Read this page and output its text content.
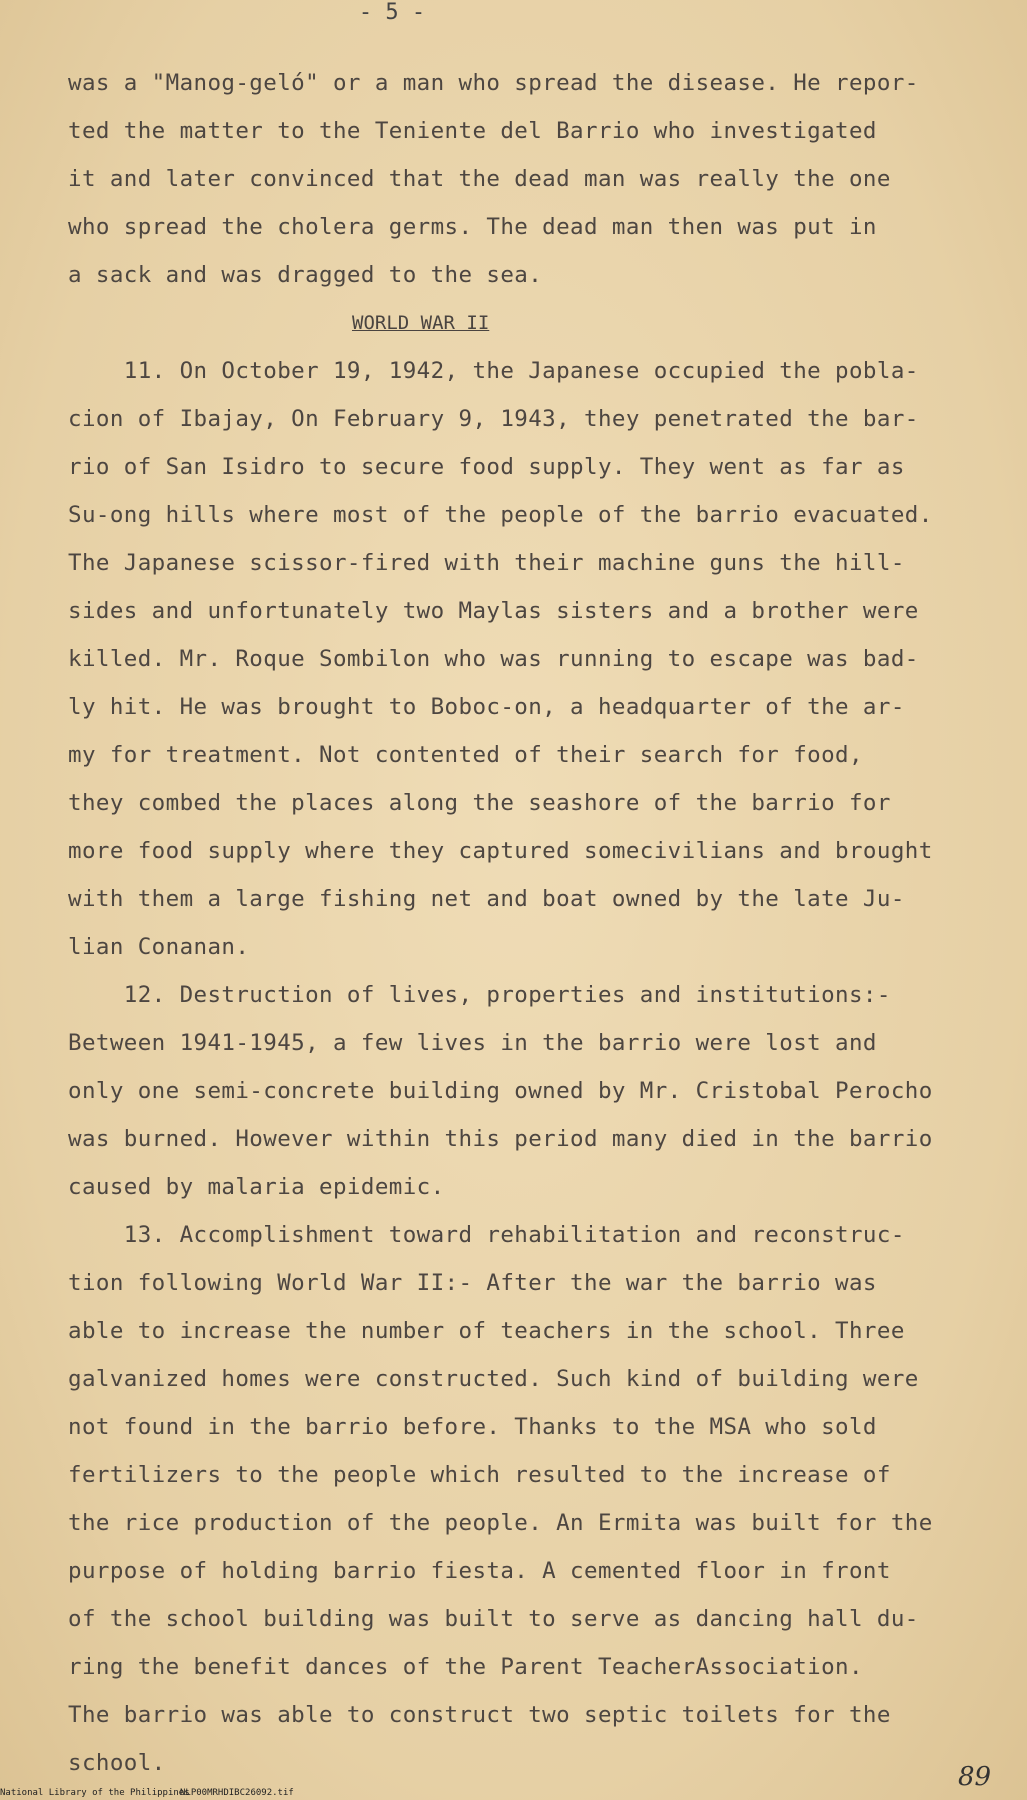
- 5 -
was a "Manog-geló" or a man who spread the disease. He repor-
ted the matter to the Teniente del Barrio who investigated
it and later convinced that the dead man was really the one
who spread the cholera germs. The dead man then was put in
a sack and was dragged to the sea.
WORLD WAR II
11. On October 19, 1942, the Japanese occupied the pobla-
cion of Ibajay, On February 9, 1943, they penetrated the bar-
rio of San Isidro to secure food supply. They went as far as
Su-ong hills where most of the people of the barrio evacuated.
The Japanese scissor-fired with their machine guns the hill-
sides and unfortunately two Maylas sisters and a brother were
killed. Mr. Roque Sombilon who was running to escape was bad-
ly hit. He was brought to Boboc-on, a headquarter of the ar-
my for treatment. Not contented of their search for food,
they combed the places along the seashore of the barrio for
more food supply where they captured somecivilians and brought
with them a large fishing net and boat owned by the late Ju-
lian Conanan.
12. Destruction of lives, properties and institutions:-
Between 1941-1945, a few lives in the barrio were lost and
only one semi-concrete building owned by Mr. Cristobal Perocho
was burned. However within this period many died in the barrio
caused by malaria epidemic.
13. Accomplishment toward rehabilitation and reconstruc-
tion following World War II:- After the war the barrio was
able to increase the number of teachers in the school. Three
galvanized homes were constructed. Such kind of building were
not found in the barrio before. Thanks to the MSA who sold
fertilizers to the people which resulted to the increase of
the rice production of the people. An Ermita was built for the
purpose of holding barrio fiesta. A cemented floor in front
of the school building was built to serve as dancing hall du-
ring the benefit dances of the Parent TeacherAssociation.
The barrio was able to construct two septic toilets for the
school.	89
National Library of the Philippines
NLP00MRHDIBC26092.tif
